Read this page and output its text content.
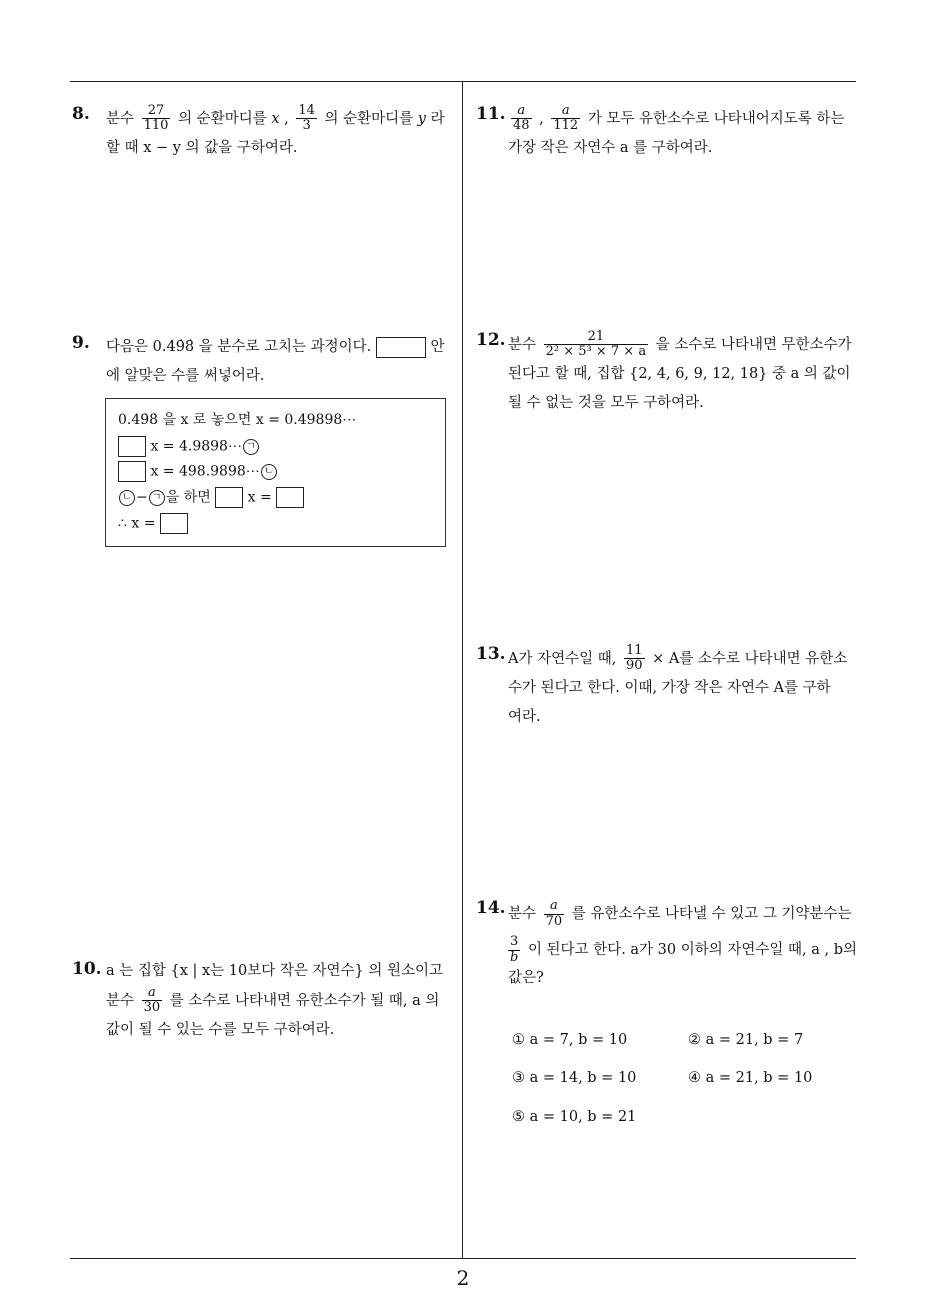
2
8. 분수 $\frac{27}{110}$ 의 순환마디를 x , $\frac{14}{3}$ 의 순환마디를 y 라
할 때 x − y 의 값을 구하여라.
9. 다음은 0.49̇8̇ 을 분수로 고치는 과정이다.	안
에 알맞은 수를 써넣어라.
0.49̇8̇ 을 x 로 놓으면 x = 0.49898⋯
x = 4.9898⋯ ㄱ
x = 498.9898⋯ ㄴ
ㄴ − ㄱ 을 하면	x =
∴ x =
10. a 는 집합 {x | x는 10보다 작은 자연수} 의 원소이고
분수 $\frac{a}{30}$ 를 소수로 나타내면 유한소수가 될 때, a 의
값이 될 수 있는 수를 모두 구하여라.
11. $\frac{a}{48}$ , $\frac{a}{112}$ 가 모두 유한소수로 나타내어지도록 하는
가장 작은 자연수 a 를 구하여라.
12. 분수 $\frac{21}{\text{2² × 5³ × 7 × a}}$ 을 소수로 나타내면 무한소수가
된다고 할 때, 집합 {2, 4, 6, 9, 12, 18} 중 a 의 값이
될 수 없는 것을 모두 구하여라.
13. A가 자연수일 때, $\frac{11}{90} \times A$를 소수로 나타내면 유한소
수가 된다고 한다. 이때, 가장 작은 자연수 A를 구하
여라.
14. 분수 $\frac{a}{70}$ 를 유한소수로 나타낼 수 있고 그 기약분수는
$\frac{3}{b}$ 이 된다고 한다. a가 30 이하의 자연수일 때, a , b의
값은?
① a = 7, b = 10	② a = 21, b = 7
③ a = 14, b = 10	④ a = 21, b = 10
⑤ a = 10, b = 21
